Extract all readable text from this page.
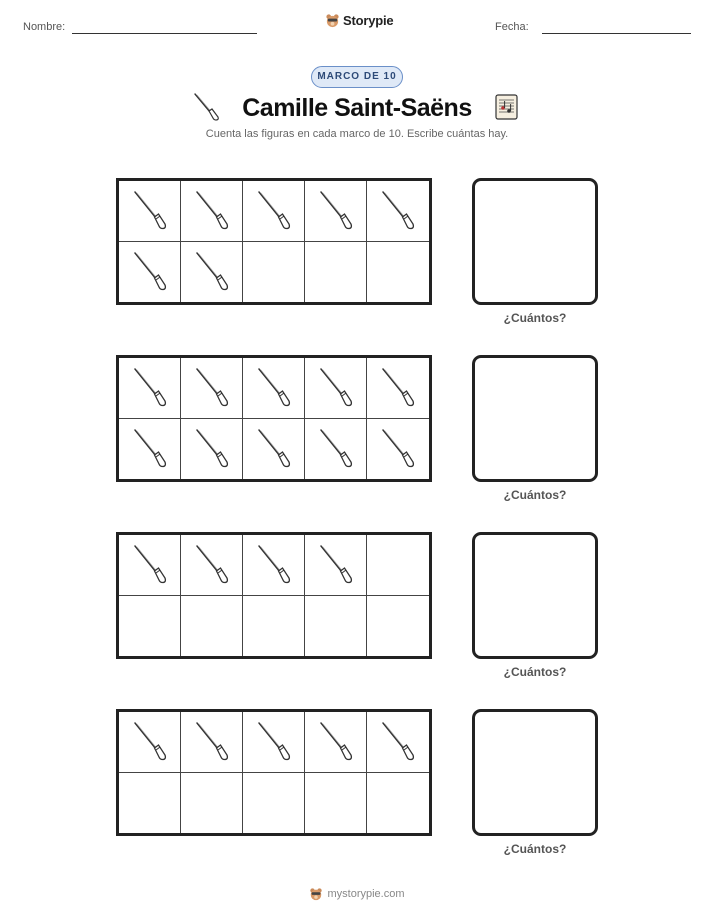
Nombre:	Storypie	Fecha:
MARCO DE 10
Camille Saint-Saëns
Cuenta las figuras en cada marco de 10. Escribe cuántas hay.
¿Cuántos?
¿Cuántos?
¿Cuántos?
¿Cuántos?
mystorypie.com
